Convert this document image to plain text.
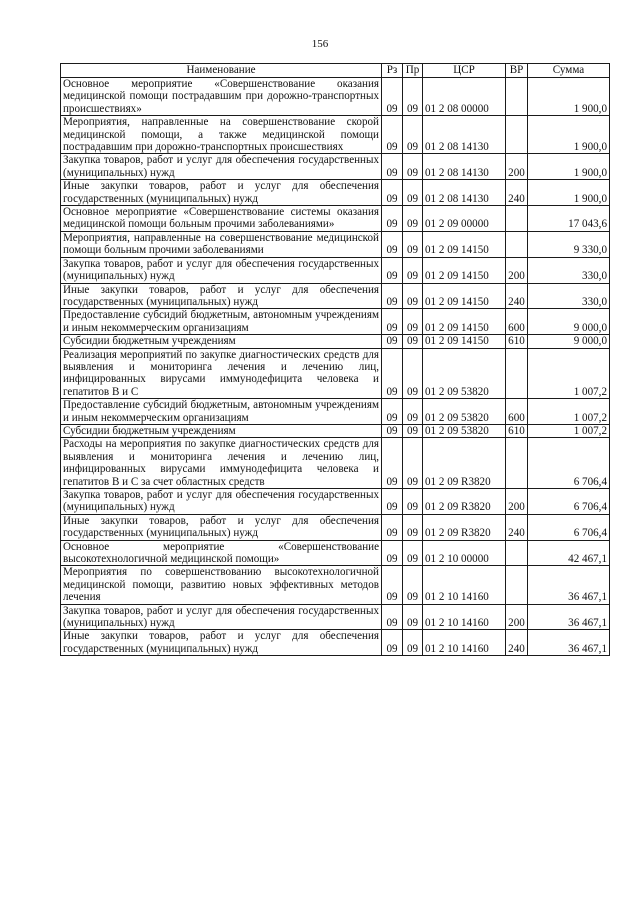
156
Наименование	Рз	Пр	ЦСР	ВР	Сумма
Основное мероприятие «Совершенствование оказания медицинской помощи пострадавшим при дорожно-транспортных происшествиях»	09	09	01 2 08 00000		1 900,0
Мероприятия, направленные на совершенствование скорой медицинской помощи, а также медицинской помощи пострадавшим при дорожно-транспортных происшествиях	09	09	01 2 08 14130		1 900,0
Закупка товаров, работ и услуг для обеспечения государственных (муниципальных) нужд	09	09	01 2 08 14130	200	1 900,0
Иные закупки товаров, работ и услуг для обеспечения государственных (муниципальных) нужд	09	09	01 2 08 14130	240	1 900,0
Основное мероприятие «Совершенствование системы оказания медицинской помощи больным прочими заболеваниями»	09	09	01 2 09 00000		17 043,6
Мероприятия, направленные на совершенствование медицинской помощи больным прочими заболеваниями	09	09	01 2 09 14150		9 330,0
Закупка товаров, работ и услуг для обеспечения государственных (муниципальных) нужд	09	09	01 2 09 14150	200	330,0
Иные закупки товаров, работ и услуг для обеспечения государственных (муниципальных) нужд	09	09	01 2 09 14150	240	330,0
Предоставление субсидий бюджетным, автономным учреждениям и иным некоммерческим организациям	09	09	01 2 09 14150	600	9 000,0
Субсидии бюджетным учреждениям	09	09	01 2 09 14150	610	9 000,0
Реализация мероприятий по закупке диагностических средств для выявления и мониторинга лечения и лечению лиц, инфицированных вирусами иммунодефицита человека и гепатитов В и С	09	09	01 2 09 53820		1 007,2
Предоставление субсидий бюджетным, автономным учреждениям и иным некоммерческим организациям	09	09	01 2 09 53820	600	1 007,2
Субсидии бюджетным учреждениям	09	09	01 2 09 53820	610	1 007,2
Расходы на мероприятия по закупке диагностических средств для выявления и мониторинга лечения и лечению лиц, инфицированных вирусами иммунодефицита человека и гепатитов В и С за счет областных средств	09	09	01 2 09 R3820		6 706,4
Закупка товаров, работ и услуг для обеспечения государственных (муниципальных) нужд	09	09	01 2 09 R3820	200	6 706,4
Иные закупки товаров, работ и услуг для обеспечения государственных (муниципальных) нужд	09	09	01 2 09 R3820	240	6 706,4
Основное мероприятие «Совершенствование высокотехнологичной медицинской помощи»	09	09	01 2 10 00000		42 467,1
Мероприятия по совершенствованию высокотехнологичной медицинской помощи, развитию новых эффективных методов лечения	09	09	01 2 10 14160		36 467,1
Закупка товаров, работ и услуг для обеспечения государственных (муниципальных) нужд	09	09	01 2 10 14160	200	36 467,1
Иные закупки товаров, работ и услуг для обеспечения государственных (муниципальных) нужд	09	09	01 2 10 14160	240	36 467,1
